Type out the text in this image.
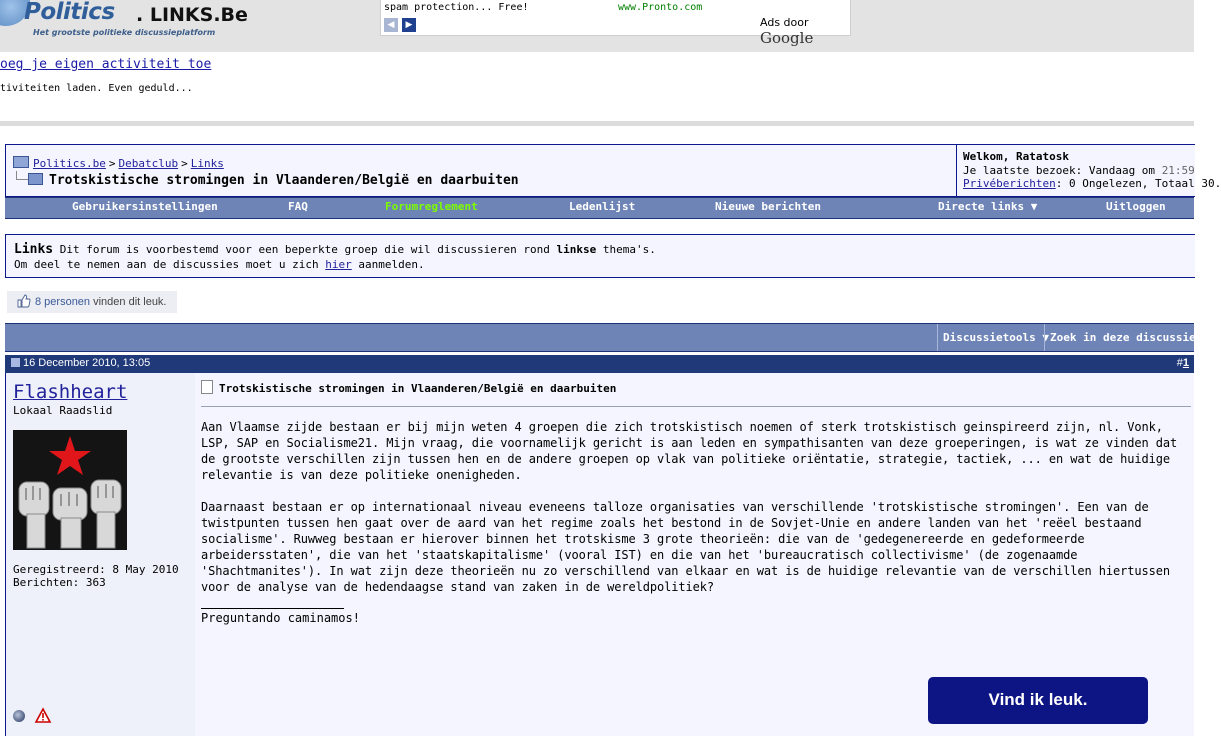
Politics . LINKS.Be
Het grootste politieke discussieplatform
spam protection... Free!	www.Pronto.com
◀	▶	Ads door Google
oeg je eigen activiteit toe
tiviteiten laden. Even geduld...
Politics.be > Debatclub > Links
Trotskistische stromingen in Vlaanderen/België en daarbuiten
Welkom, Ratatosk
Je laatste bezoek: Vandaag om 21:59
Privéberichten: 0 Ongelezen, Totaal 30.
Gebruikersinstellingen	FAQ	Forumreglement	Ledenlijst	Nieuwe berichten	Directe links ▼	Uitloggen
Links Dit forum is voorbestemd voor een beperkte groep die wil discussieren rond linkse thema's.
Om deel te nemen aan de discussies moet u zich hier aanmelden.
8 personen vinden dit leuk.
Discussietools ▼ Zoek in deze discussie ▼
16 December 2010, 13:05	#1
Flashheart
Lokaal Raadslid
Geregistreerd: 8 May 2010
Berichten: 363
Trotskistische stromingen in Vlaanderen/België en daarbuiten

Aan Vlaamse zijde bestaan er bij mijn weten 4 groepen die zich trotskistisch noemen of sterk trotskistisch geinspireerd zijn, nl. Vonk, LSP, SAP en Socialisme21. Mijn vraag, die voornamelijk gericht is aan leden en sympathisanten van deze groeperingen, is wat ze vinden dat de grootste verschillen zijn tussen hen en de andere groepen op vlak van politieke oriëntatie, strategie, tactiek, ... en wat de huidige relevantie is van deze politieke onenigheden.

Daarnaast bestaan er op internationaal niveau eveneens talloze organisaties van verschillende 'trotskistische stromingen'. Een van de twistpunten tussen hen gaat over de aard van het regime zoals het bestond in de Sovjet-Unie en andere landen van het 'reëel bestaand socialisme'. Ruwweg bestaan er hierover binnen het trotskisme 3 grote theorieën: die van de 'gedegenereerde en gedeformeerde arbeidersstaten', die van het 'staatskapitalisme' (vooral IST) en die van het 'bureaucratisch collectivisme' (de zogenaamde 'Shachtmanites'). In wat zijn deze theorieën nu zo verschillend van elkaar en wat is de huidige relevantie van de verschillen hiertussen voor de analyse van de hedendaagse stand van zaken in de wereldpolitiek?

Preguntando caminamos!
Vind ik leuk.
